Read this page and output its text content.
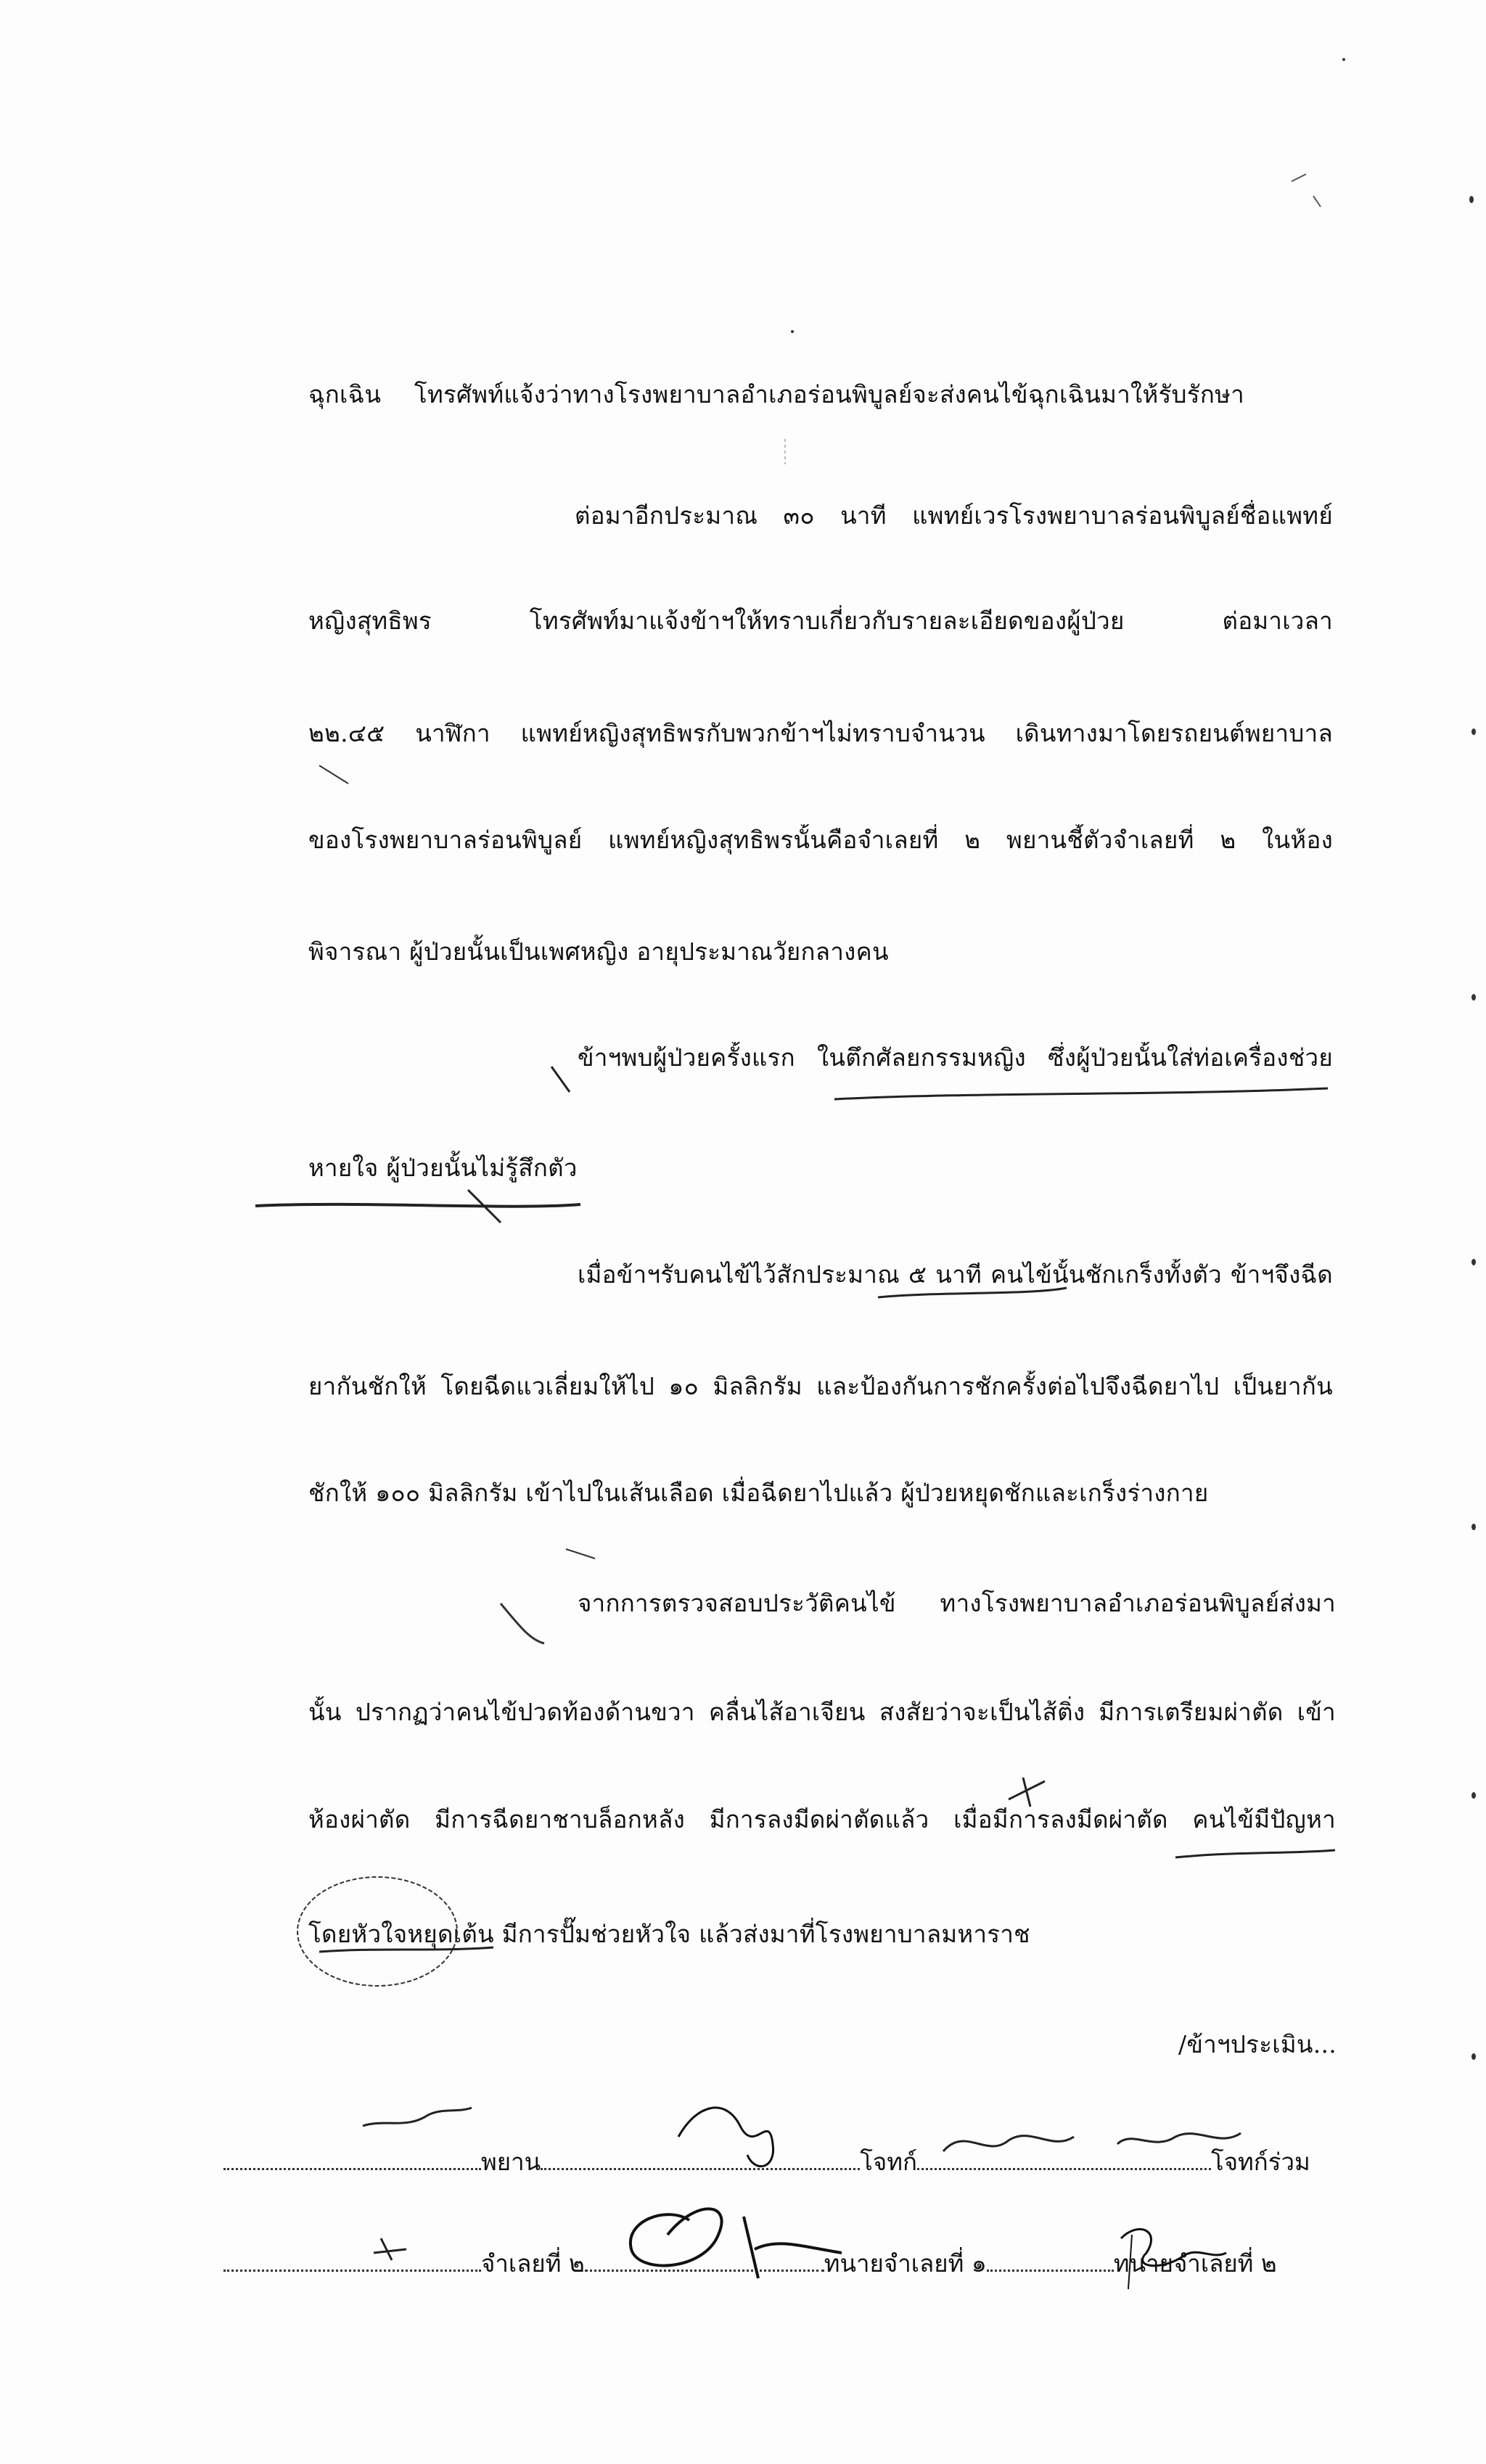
ฉุกเฉิน โทรศัพท์แจ้งว่าทางโรงพยาบาลอำเภอร่อนพิบูลย์จะส่งคนไข้ฉุกเฉินมาให้รับรักษา
ต่อมาอีกประมาณ ๓๐ นาที แพทย์เวรโรงพยาบาลร่อนพิบูลย์ชื่อแพทย์
หญิงสุทธิพร โทรศัพท์มาแจ้งข้าฯให้ทราบเกี่ยวกับรายละเอียดของผู้ป่วย ต่อมาเวลา
๒๒.๔๕ นาฬิกา แพทย์หญิงสุทธิพรกับพวกข้าฯไม่ทราบจำนวน เดินทางมาโดยรถยนต์พยาบาล
ของโรงพยาบาลร่อนพิบูลย์ แพทย์หญิงสุทธิพรนั้นคือจำเลยที่ ๒ พยานชี้ตัวจำเลยที่ ๒ ในห้อง
พิจารณา ผู้ป่วยนั้นเป็นเพศหญิง อายุประมาณวัยกลางคน
ข้าฯพบผู้ป่วยครั้งแรก ในตึกศัลยกรรมหญิง ซึ่งผู้ป่วยนั้นใส่ท่อเครื่องช่วย
หายใจ ผู้ป่วยนั้นไม่รู้สึกตัว
เมื่อข้าฯรับคนไข้ไว้สักประมาณ ๕ นาที คนไข้นั้นชักเกร็งทั้งตัว ข้าฯจึงฉีด
ยากันชักให้ โดยฉีดแวเลี่ยมให้ไป ๑๐ มิลลิกรัม และป้องกันการชักครั้งต่อไปจึงฉีดยาไป เป็นยากัน
ชักให้ ๑๐๐ มิลลิกรัม เข้าไปในเส้นเลือด เมื่อฉีดยาไปแล้ว ผู้ป่วยหยุดชักและเกร็งร่างกาย
จากการตรวจสอบประวัติคนไข้ ทางโรงพยาบาลอำเภอร่อนพิบูลย์ส่งมา
นั้น ปรากฏว่าคนไข้ปวดท้องด้านขวา คลื่นไส้อาเจียน สงสัยว่าจะเป็นไส้ติ่ง มีการเตรียมผ่าตัด เข้า
ห้องผ่าตัด มีการฉีดยาชาบล็อกหลัง มีการลงมีดผ่าตัดแล้ว เมื่อมีการลงมีดผ่าตัด คนไข้มีปัญหา
โดยหัวใจหยุดเต้น มีการปั๊มช่วยหัวใจ แล้วส่งมาที่โรงพยาบาลมหาราช
/ข้าฯประเมิน...
พยาน	โจทก์	โจทก์ร่วม
จำเลยที่ ๒	ทนายจำเลยที่ ๑	ทนายจำเลยที่ ๒
